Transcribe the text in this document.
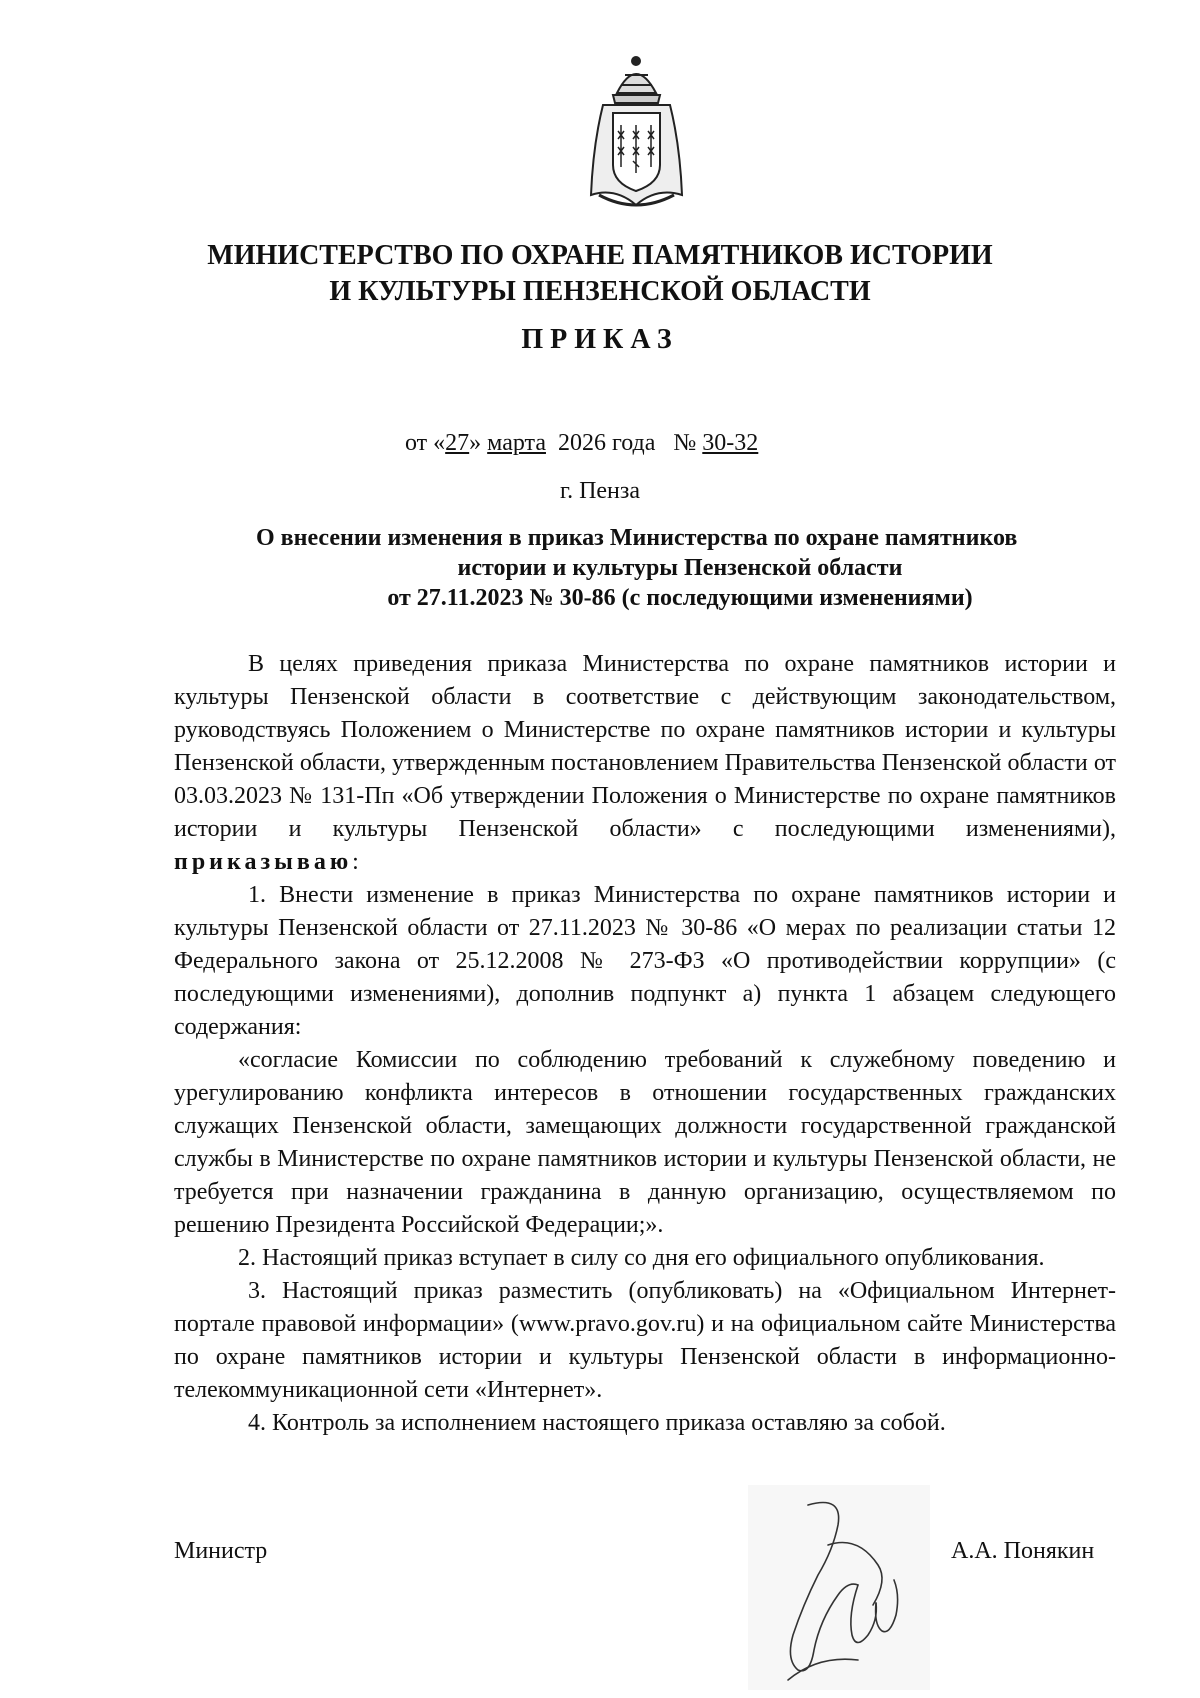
МИНИСТЕРСТВО ПО ОХРАНЕ ПАМЯТНИКОВ ИСТОРИИ
И КУЛЬТУРЫ ПЕНЗЕНСКОЙ ОБЛАСТИ
ПРИКАЗ
от «27» марта  2026 года   № 30-32
г. Пенза
О внесении изменения в приказ Министерства по охране памятников
истории и культуры Пензенской области
от 27.11.2023 № 30-86 (с последующими изменениями)

В целях приведения приказа Министерства по охране памятников истории и культуры Пензенской области в соответствие с действующим законодательством, руководствуясь Положением о Министерстве по охране памятников истории и культуры Пензенской области, утвержденным постановлением Правительства Пензенской области от 03.03.2023 № 131-Пп «Об утверждении Положения о Министерстве по охране памятников истории и культуры Пензенской области» с последующими изменениями), приказываю:

1. Внести изменение в приказ Министерства по охране памятников истории и культуры Пензенской области от 27.11.2023 № 30-86 «О мерах по реализации статьи 12 Федерального закона от 25.12.2008 № 273-ФЗ «О противодействии коррупции» (с последующими изменениями), дополнив подпункт а) пункта 1 абзацем следующего содержания:

«согласие Комиссии по соблюдению требований к служебному поведению и урегулированию конфликта интересов в отношении государственных гражданских служащих Пензенской области, замещающих должности государственной гражданской службы в Министерстве по охране памятников истории и культуры Пензенской области, не требуется при назначении гражданина в данную организацию, осуществляемом по решению Президента Российской Федерации;».

2. Настоящий приказ вступает в силу со дня его официального опубликования.

3. Настоящий приказ разместить (опубликовать) на «Официальном Интернет-портале правовой информации» (www.pravo.gov.ru) и на официальном сайте Министерства по охране памятников истории и культуры Пензенской области в информационно-телекоммуникационной сети «Интернет».

4. Контроль за исполнением настоящего приказа оставляю за собой.

Министр	А.А. Понякин
